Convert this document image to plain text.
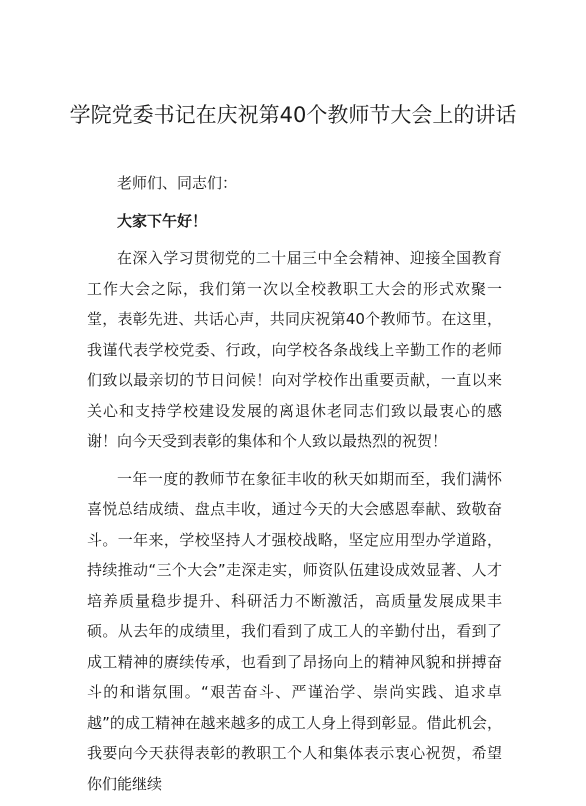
学院党委书记在庆祝第40个教师节大会上的讲话

老师们、同志们：

大家下午好！

在深入学习贯彻党的二十届三中全会精神、迎接全国教育工作大会之际，我们第一次以全校教职工大会的形式欢聚一堂，表彰先进、共话心声，共同庆祝第40个教师节。在这里，我谨代表学校党委、行政，向学校各条战线上辛勤工作的老师们致以最亲切的节日问候！向对学校作出重要贡献，一直以来关心和支持学校建设发展的离退休老同志们致以最衷心的感谢！向今天受到表彰的集体和个人致以最热烈的祝贺！

一年一度的教师节在象征丰收的秋天如期而至，我们满怀喜悦总结成绩、盘点丰收，通过今天的大会感恩奉献、致敬奋斗。一年来，学校坚持人才强校战略，坚定应用型办学道路，持续推动“三个大会”走深走实，师资队伍建设成效显著、人才培养质量稳步提升、科研活力不断激活，高质量发展成果丰硕。从去年的成绩里，我们看到了成工人的辛勤付出，看到了成工精神的赓续传承，也看到了昂扬向上的精神风貌和拼搏奋斗的和谐氛围。“艰苦奋斗、严谨治学、崇尚实践、追求卓越”的成工精神在越来越多的成工人身上得到彰显。借此机会，我要向今天获得表彰的教职工个人和集体表示衷心祝贺，希望你们能继续
